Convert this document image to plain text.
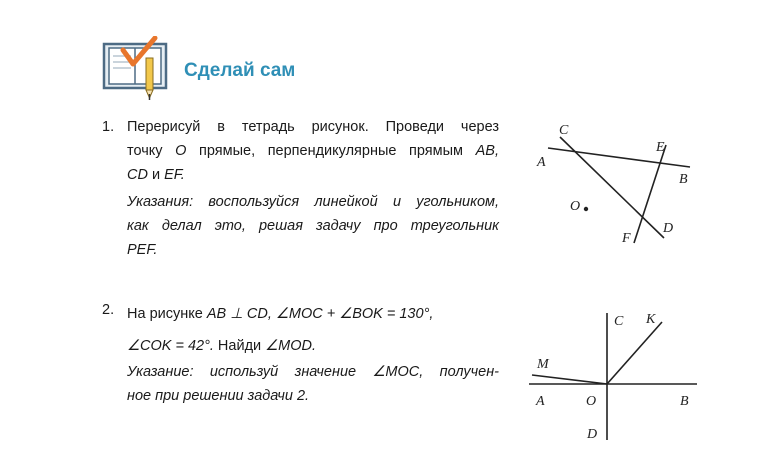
Сделай сам
1. Перерисуй в тетрадь рисунок. Проведи через
точку O прямые, перпендикулярные прямым AB,
CD и EF.
Указания: воспользуйся линейкой и угольником,
как делал это, решая задачу про треугольник
PEF.
C
E
A
B
O
F
D
2. На рисунке AB ⊥ CD, ∠MOC + ∠BOK = 130°,
∠COK = 42°. Найди ∠MOD.
Указание: используй значение ∠MOC, получен-
ное при решении задачи 2.
C K
M
A	O	B
D
